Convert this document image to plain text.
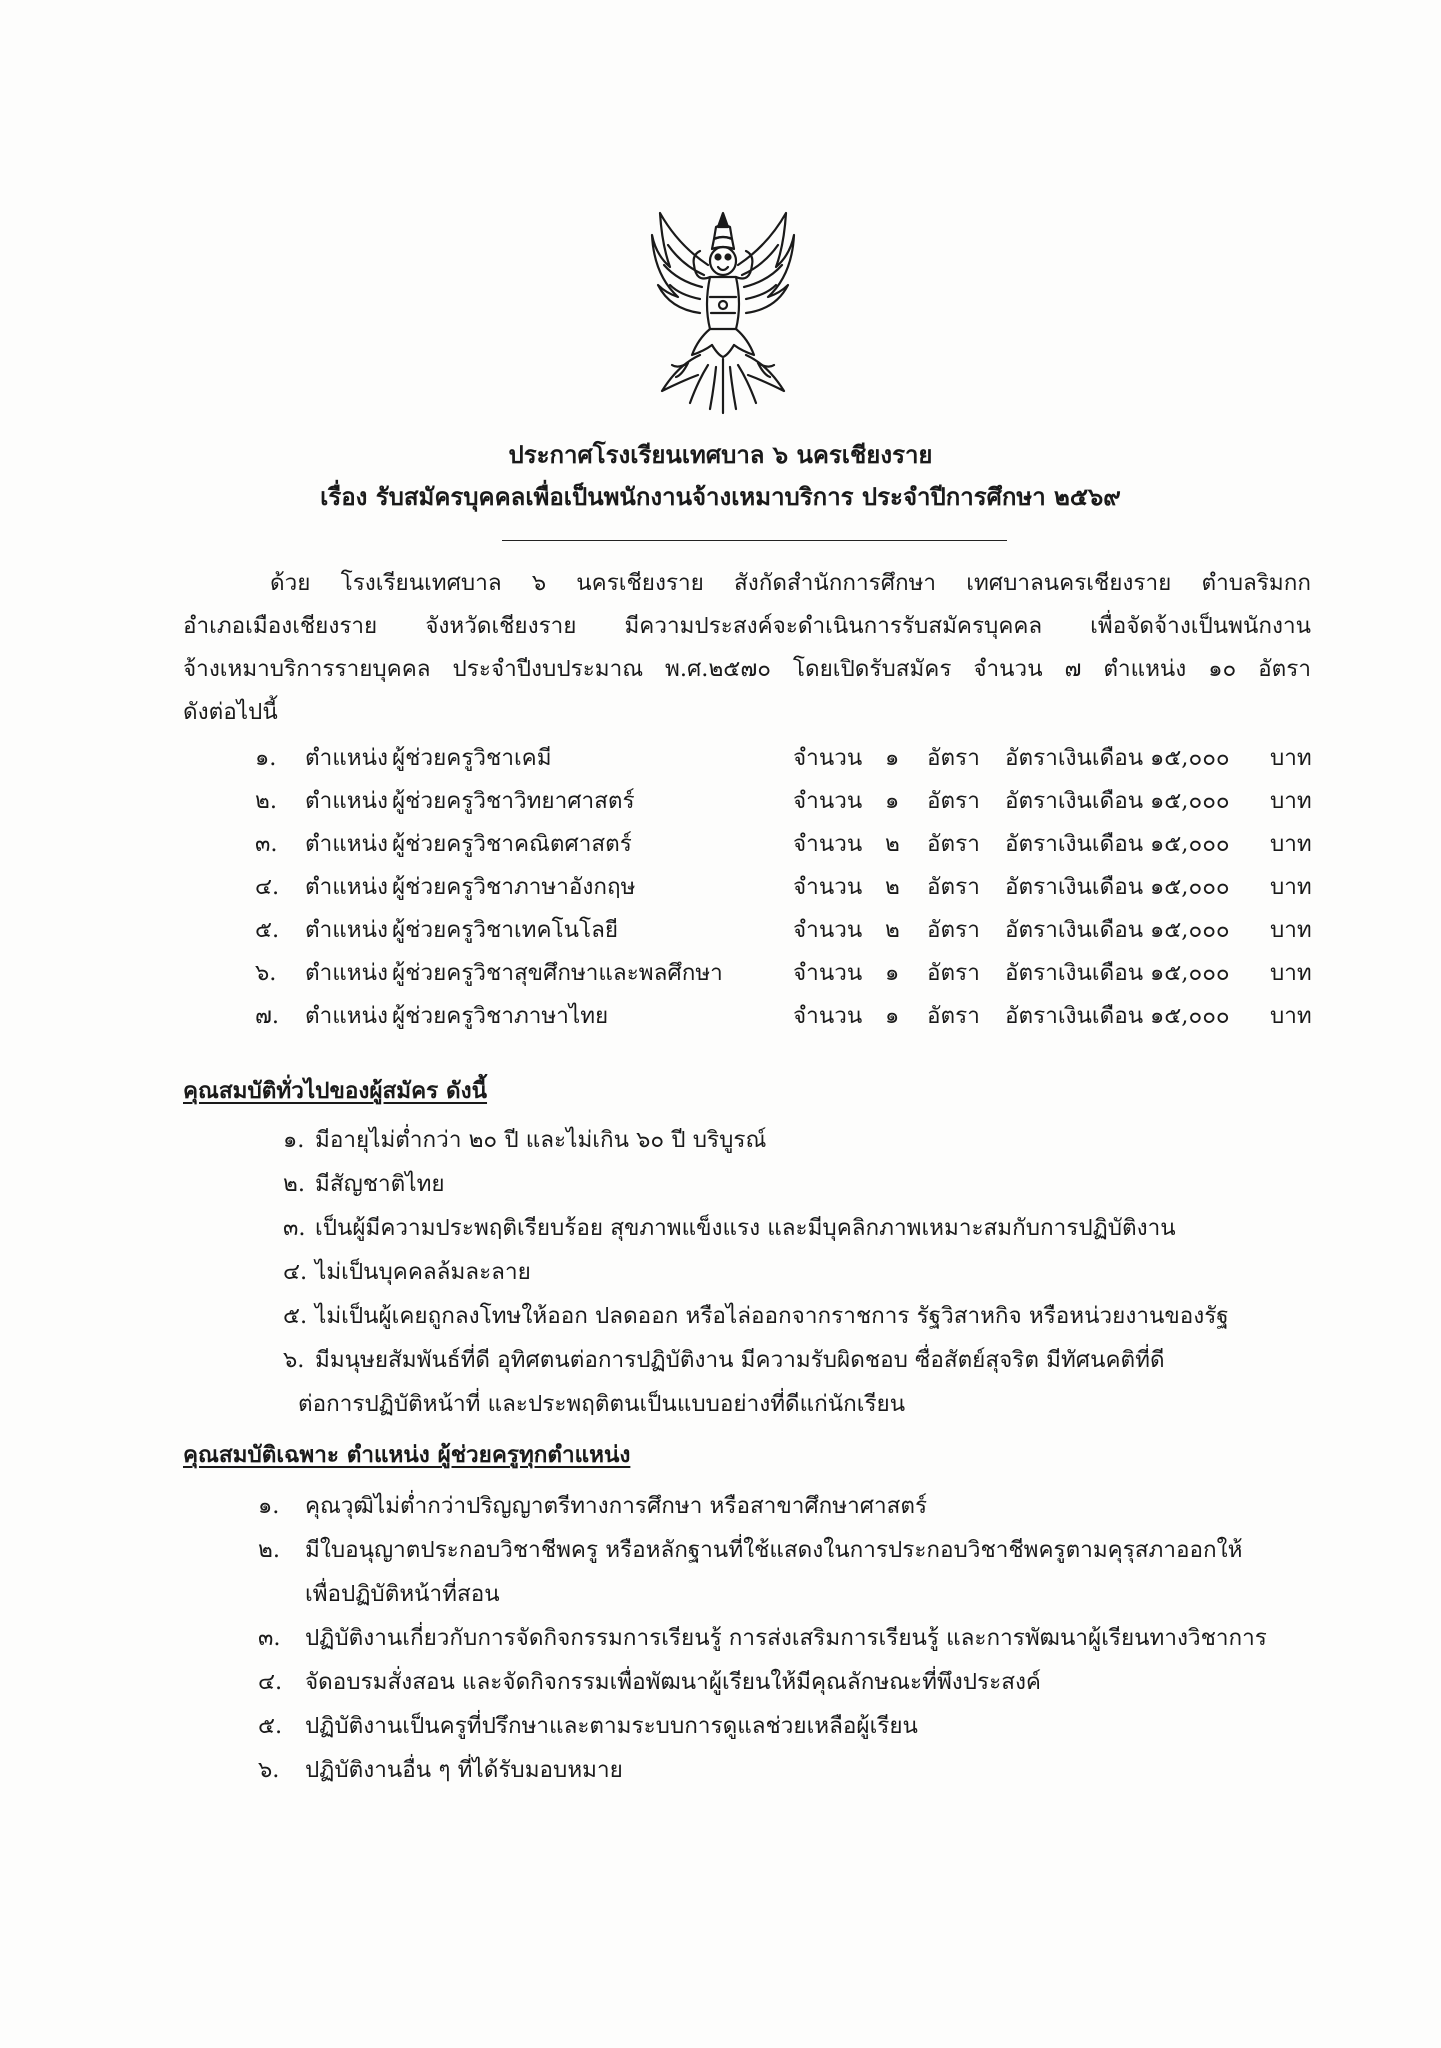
ประกาศโรงเรียนเทศบาล ๖ นครเชียงราย
เรื่อง รับสมัครบุคคลเพื่อเป็นพนักงานจ้างเหมาบริการ ประจำปีการศึกษา ๒๕๖๙
ด้วย โรงเรียนเทศบาล ๖ นครเชียงราย สังกัดสำนักการศึกษา เทศบาลนครเชียงราย ตำบลริมกก
อำเภอเมืองเชียงราย จังหวัดเชียงราย มีความประสงค์จะดำเนินการรับสมัครบุคคล เพื่อจัดจ้างเป็นพนักงาน
จ้างเหมาบริการรายบุคคล ประจำปีงบประมาณ พ.ศ.๒๕๗๐ โดยเปิดรับสมัคร จำนวน ๗ ตำแหน่ง ๑๐ อัตรา
ดังต่อไปนี้
๑. ตำแหน่ง ผู้ช่วยครูวิชาเคมี	จำนวน ๑ อัตรา อัตราเงินเดือน ๑๕,๐๐๐ บาท
๒. ตำแหน่ง ผู้ช่วยครูวิชาวิทยาศาสตร์	จำนวน ๑ อัตรา อัตราเงินเดือน ๑๕,๐๐๐ บาท
๓. ตำแหน่ง ผู้ช่วยครูวิชาคณิตศาสตร์	จำนวน ๒ อัตรา อัตราเงินเดือน ๑๕,๐๐๐ บาท
๔. ตำแหน่ง ผู้ช่วยครูวิชาภาษาอังกฤษ	จำนวน ๒ อัตรา อัตราเงินเดือน ๑๕,๐๐๐ บาท
๕. ตำแหน่ง ผู้ช่วยครูวิชาเทคโนโลยี	จำนวน ๒ อัตรา อัตราเงินเดือน ๑๕,๐๐๐ บาท
๖. ตำแหน่ง ผู้ช่วยครูวิชาสุขศึกษาและพลศึกษา	จำนวน ๑ อัตรา อัตราเงินเดือน ๑๕,๐๐๐ บาท
๗. ตำแหน่ง ผู้ช่วยครูวิชาภาษาไทย	จำนวน ๑ อัตรา อัตราเงินเดือน ๑๕,๐๐๐ บาท
คุณสมบัติทั่วไปของผู้สมัคร ดังนี้
๑. มีอายุไม่ต่ำกว่า ๒๐ ปี และไม่เกิน ๖๐ ปี บริบูรณ์
๒. มีสัญชาติไทย
๓. เป็นผู้มีความประพฤติเรียบร้อย สุขภาพแข็งแรง และมีบุคลิกภาพเหมาะสมกับการปฏิบัติงาน
๔. ไม่เป็นบุคคลล้มละลาย
๕. ไม่เป็นผู้เคยถูกลงโทษให้ออก ปลดออก หรือไล่ออกจากราชการ รัฐวิสาหกิจ หรือหน่วยงานของรัฐ
๖. มีมนุษยสัมพันธ์ที่ดี อุทิศตนต่อการปฏิบัติงาน มีความรับผิดชอบ ซื่อสัตย์สุจริต มีทัศนคติที่ดี
ต่อการปฏิบัติหน้าที่ และประพฤติตนเป็นแบบอย่างที่ดีแก่นักเรียน
คุณสมบัติเฉพาะ ตำแหน่ง ผู้ช่วยครูทุกตำแหน่ง
๑. คุณวุฒิไม่ต่ำกว่าปริญญาตรีทางการศึกษา หรือสาขาศึกษาศาสตร์
๒. มีใบอนุญาตประกอบวิชาชีพครู หรือหลักฐานที่ใช้แสดงในการประกอบวิชาชีพครูตามคุรุสภาออกให้
เพื่อปฏิบัติหน้าที่สอน
๓. ปฏิบัติงานเกี่ยวกับการจัดกิจกรรมการเรียนรู้ การส่งเสริมการเรียนรู้ และการพัฒนาผู้เรียนทางวิชาการ
๔. จัดอบรมสั่งสอน และจัดกิจกรรมเพื่อพัฒนาผู้เรียนให้มีคุณลักษณะที่พึงประสงค์
๕. ปฏิบัติงานเป็นครูที่ปรึกษาและตามระบบการดูแลช่วยเหลือผู้เรียน
๖. ปฏิบัติงานอื่น ๆ ที่ได้รับมอบหมาย
